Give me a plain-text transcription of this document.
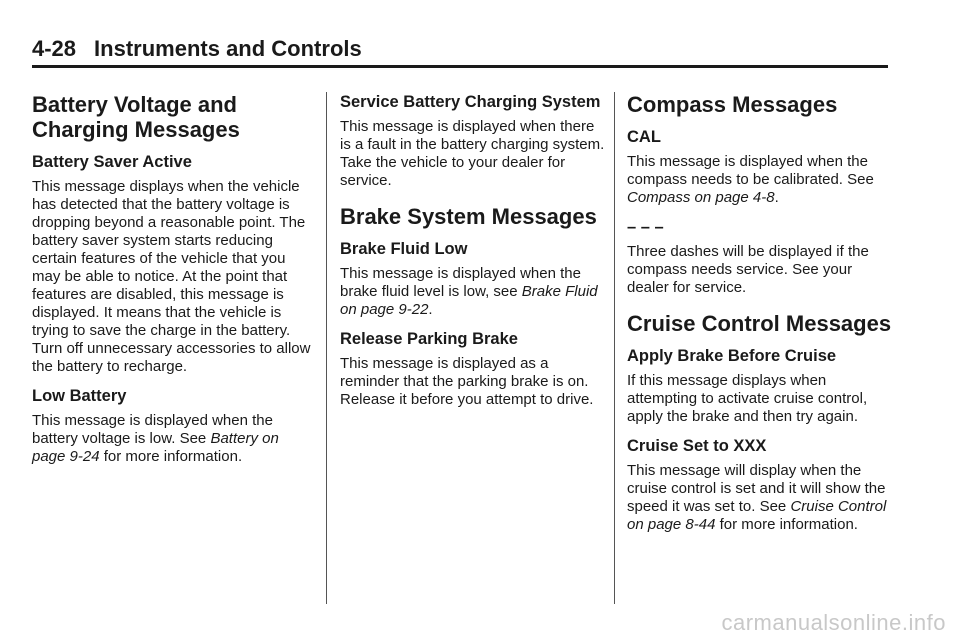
4-28 Instruments and Controls
Battery Voltage and Charging Messages
Battery Saver Active

This message displays when the vehicle has detected that the battery voltage is dropping beyond a reasonable point. The battery saver system starts reducing certain features of the vehicle that you may be able to notice. At the point that features are disabled, this message is displayed. It means that the vehicle is trying to save the charge in the battery. Turn off unnecessary accessories to allow the battery to recharge.

Low Battery

This message is displayed when the battery voltage is low. See Battery on page 9-24 for more information.

Service Battery Charging System

This message is displayed when there is a fault in the battery charging system. Take the vehicle to your dealer for service.

Brake System Messages
Brake Fluid Low

This message is displayed when the brake fluid level is low, see Brake Fluid on page 9-22.

Release Parking Brake

This message is displayed as a reminder that the parking brake is on. Release it before you attempt to drive.

Compass Messages
CAL

This message is displayed when the compass needs to be calibrated. See Compass on page 4-8.

– – –

Three dashes will be displayed if the compass needs service. See your dealer for service.

Cruise Control Messages
Apply Brake Before Cruise

If this message displays when attempting to activate cruise control, apply the brake and then try again.

Cruise Set to XXX

This message will display when the cruise control is set and it will show the speed it was set to. See Cruise Control on page 8-44 for more information.

carmanualsonline.info
